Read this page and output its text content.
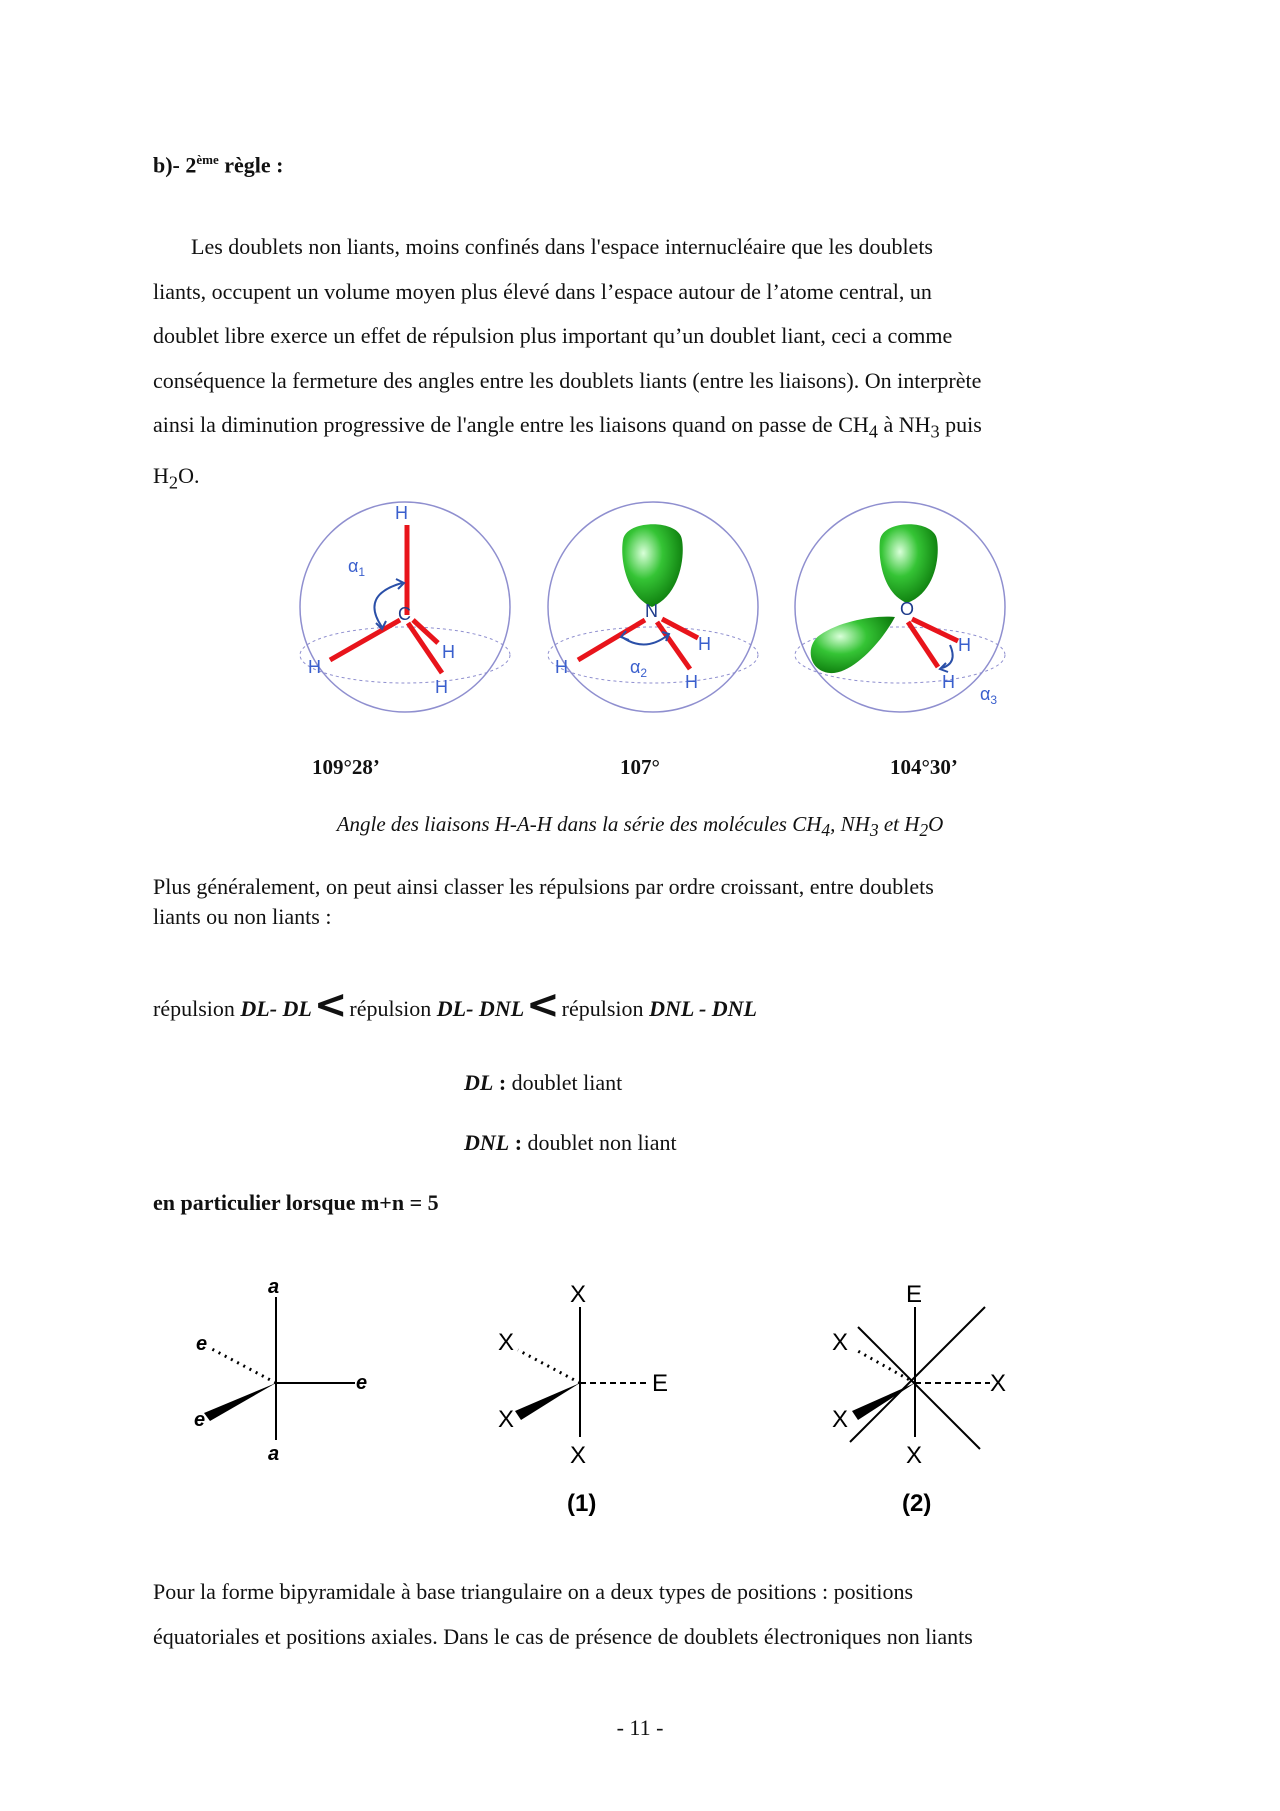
b)- 2ème règle :

Les doublets non liants, moins confinés dans l'espace internucléaire que les doublets

liants, occupent un volume moyen plus élevé dans l’espace autour de l’atome central, un

doublet libre exerce un effet de répulsion plus important qu’un doublet liant, ceci a comme

conséquence la fermeture des angles entre les doublets liants (entre les liaisons). On interprète

ainsi la diminution progressive de l'angle entre les liaisons quand on passe de $CH_4$ à $NH_3$ puis

$H_2O$.

C
H
H
H
H
$\alpha_1$
N
H
H
H
$\alpha_2$
O
H
H
$\alpha_3$
109°28’	107°	104°30’
Angle des liaisons H-A-H dans la série des molécules $CH_4$, $NH_3$ et $H_2O$

Plus généralement, on peut ainsi classer les répulsions par ordre croissant, entre doublets

liants ou non liants :

répulsion DL- DL<répulsion DL- DNL<répulsion DNL - DNL
DL : doublet liant
DNL : doublet non liant
en particulier lorsque m+n = 5
a
a
e
e
e
X
X
X
X
E
(1)
E
X
X
X
X
(2)

Pour la forme bipyramidale à base triangulaire on a deux types de positions : positions

équatoriales et positions axiales. Dans le cas de présence de doublets électroniques non liants

- 11 -
